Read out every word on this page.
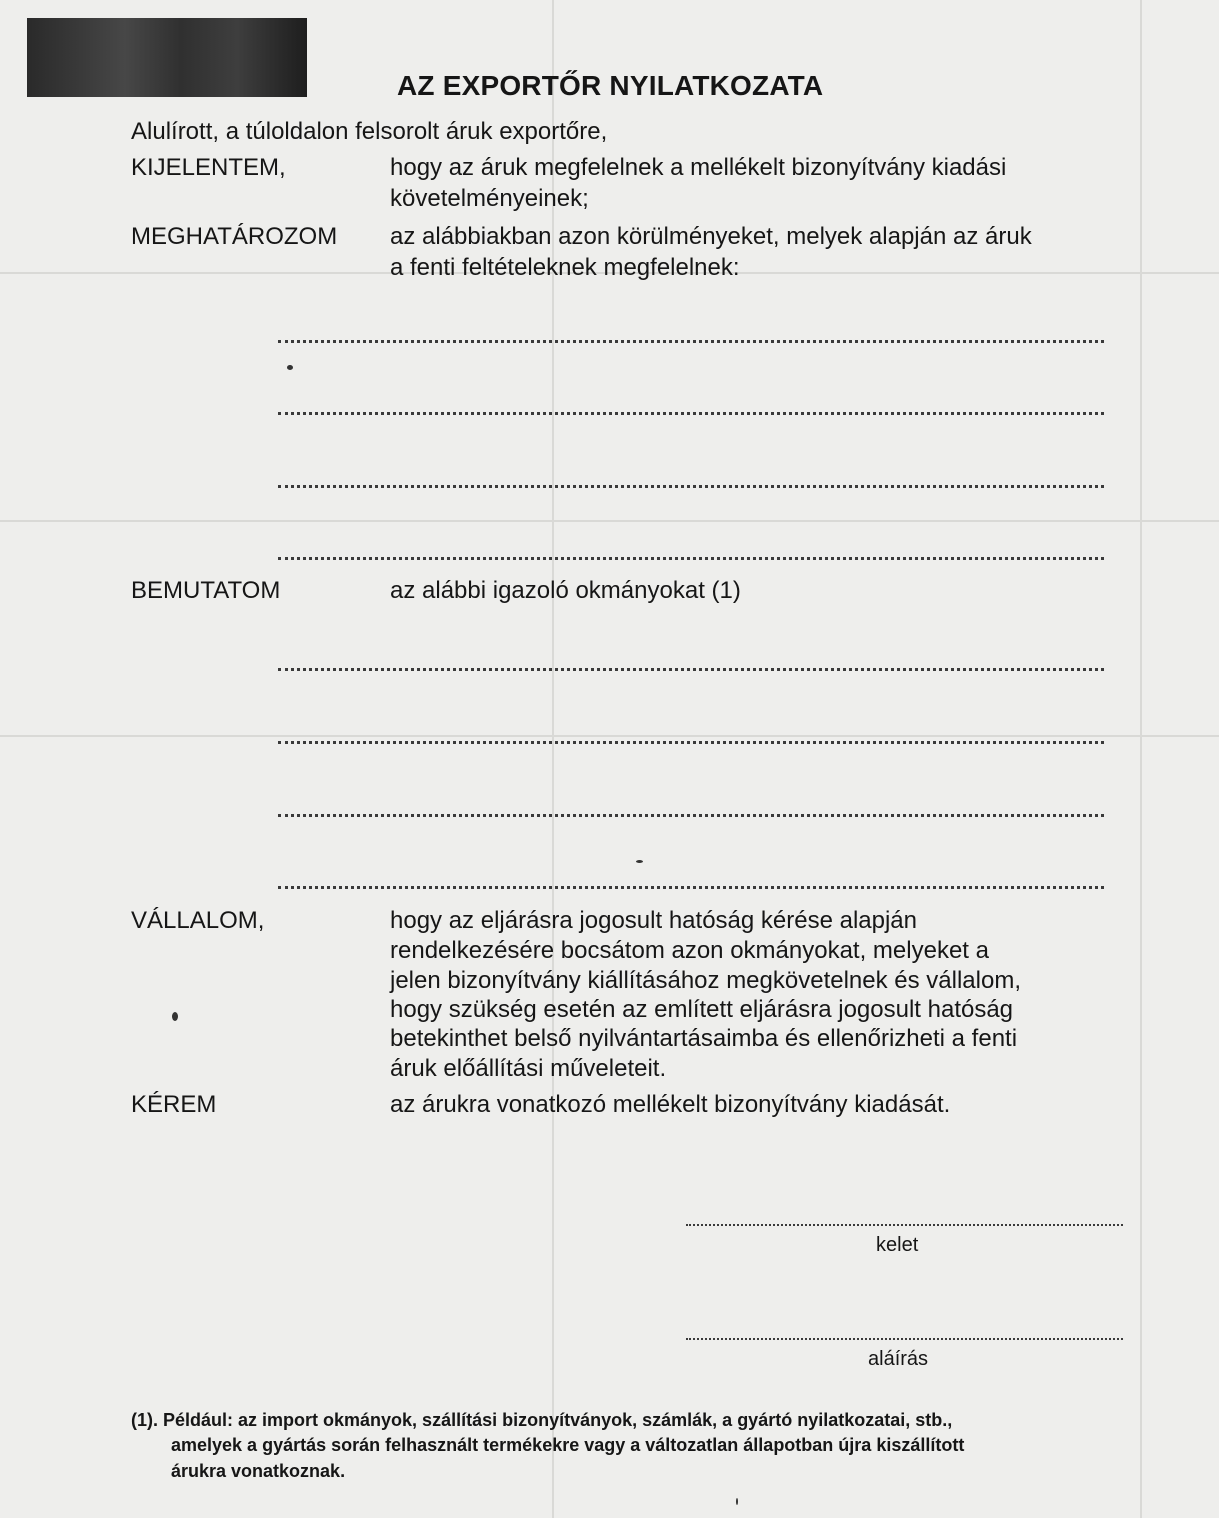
AZ EXPORTŐR NYILATKOZATA
Alulírott, a túloldalon felsorolt áruk exportőre,
KIJELENTEM,	hogy az áruk megfelelnek a mellékelt bizonyítvány kiadási
követelményeinek;
MEGHATÁROZOM az alábbiakban azon körülményeket, melyek alapján az áruk
a fenti feltételeknek megfelelnek:
BEMUTATOM	az alábbi igazoló okmányokat (1)
VÁLLALOM,	hogy az eljárásra jogosult hatóság kérése alapján
rendelkezésére bocsátom azon okmányokat, melyeket a
jelen bizonyítvány kiállításához megkövetelnek és vállalom,
hogy szükség esetén az említett eljárásra jogosult hatóság
betekinthet belső nyilvántartásaimba és ellenőrizheti a fenti
áruk előállítási műveleteit.
KÉREM	az árukra vonatkozó mellékelt bizonyítvány kiadását.
kelet
aláírás
(1). Például: az import okmányok, szállítási bizonyítványok, számlák, a gyártó nyilatkozatai, stb.,
amelyek a gyártás során felhasznált termékekre vagy a változatlan állapotban újra kiszállított
árukra vonatkoznak.
